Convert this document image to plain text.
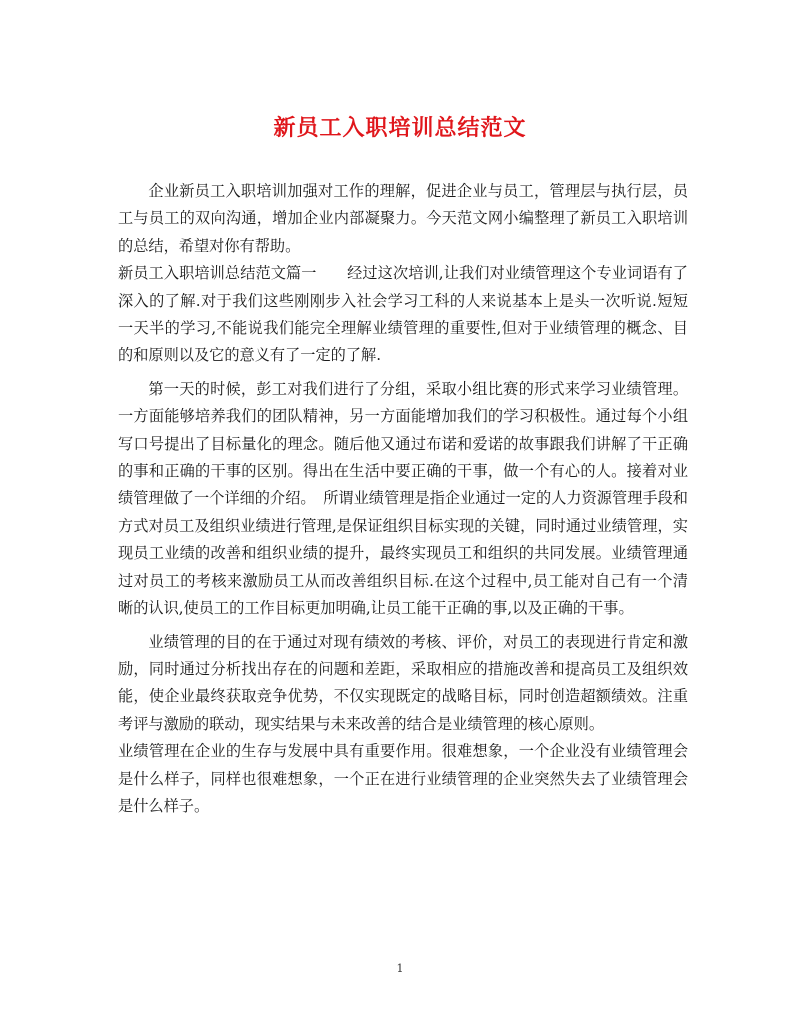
新员工入职培训总结范文

企业新员工入职培训加强对工作的理解，促进企业与员工，管理层与执行层，员工与员工的双向沟通，增加企业内部凝聚力。今天范文网小编整理了新员工入职培训的总结，希望对你有帮助。

新员工入职培训总结范文篇一　　经过这次培训,让我们对业绩管理这个专业词语有了深入的了解.对于我们这些刚刚步入社会学习工科的人来说基本上是头一次听说.短短一天半的学习,不能说我们能完全理解业绩管理的重要性,但对于业绩管理的概念、目的和原则以及它的意义有了一定的了解.

第一天的时候，彭工对我们进行了分组，采取小组比赛的形式来学习业绩管理。一方面能够培养我们的团队精神，另一方面能增加我们的学习积极性。通过每个小组写口号提出了目标量化的理念。随后他又通过布诺和爱诺的故事跟我们讲解了干正确的事和正确的干事的区别。得出在生活中要正确的干事，做一个有心的人。接着对业绩管理做了一个详细的介绍。　所谓业绩管理是指企业通过一定的人力资源管理手段和方式对员工及组织业绩进行管理,是保证组织目标实现的关键，同时通过业绩管理，实现员工业绩的改善和组织业绩的提升，最终实现员工和组织的共同发展。业绩管理通过对员工的考核来激励员工从而改善组织目标.在这个过程中,员工能对自己有一个清晰的认识,使员工的工作目标更加明确,让员工能干正确的事,以及正确的干事。

业绩管理的目的在于通过对现有绩效的考核、评价，对员工的表现进行肯定和激励，同时通过分析找出存在的问题和差距，采取相应的措施改善和提高员工及组织效能，使企业最终获取竞争优势，不仅实现既定的战略目标，同时创造超额绩效。注重考评与激励的联动，现实结果与未来改善的结合是业绩管理的核心原则。

业绩管理在企业的生存与发展中具有重要作用。很难想象，一个企业没有业绩管理会是什么样子，同样也很难想象，一个正在进行业绩管理的企业突然失去了业绩管理会是什么样子。

1
